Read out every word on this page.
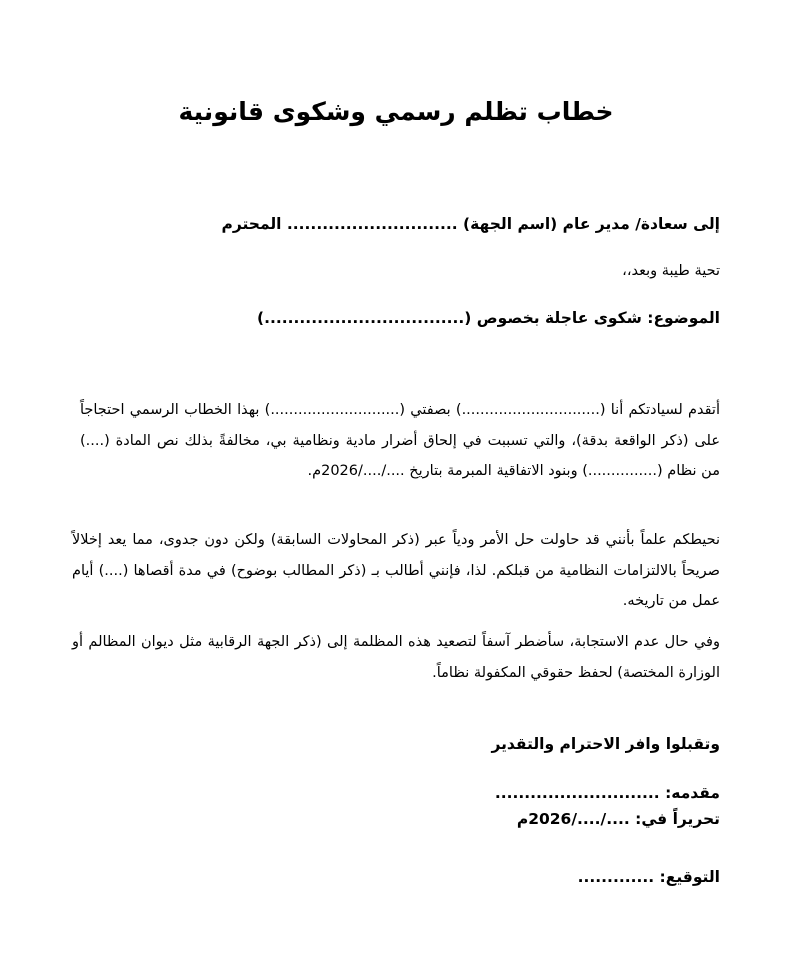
خطاب تظلم رسمي وشكوى قانونية

إلى سعادة/ مدير عام (اسم الجهة) ............................. المحترم

تحية طيبة وبعد،،

الموضوع: شكوى عاجلة بخصوص (..................................)

أتقدم لسيادتكم أنا (..............................) بصفتي (............................) بهذا الخطاب الرسمي احتجاجاً على (ذكر الواقعة بدقة)، والتي تسببت في إلحاق أضرار مادية ونظامية بي، مخالفةً بذلك نص المادة (....) من نظام (...............) وبنود الاتفاقية المبرمة بتاريخ ..../..../2026م.

نحيطكم علماً بأنني قد حاولت حل الأمر ودياً عبر (ذكر المحاولات السابقة) ولكن دون جدوى، مما يعد إخلالاً صريحاً بالالتزامات النظامية من قبلكم. لذا، فإنني أطالب بـ (ذكر المطالب بوضوح) في مدة أقصاها (....) أيام عمل من تاريخه.

وفي حال عدم الاستجابة، سأضطر آسفاً لتصعيد هذه المظلمة إلى (ذكر الجهة الرقابية مثل ديوان المظالم أو الوزارة المختصة) لحفظ حقوقي المكفولة نظاماً.

وتقبلوا وافر الاحترام والتقدير

مقدمه: ............................

تحريراً في: ..../..../2026م

التوقيع: .............
